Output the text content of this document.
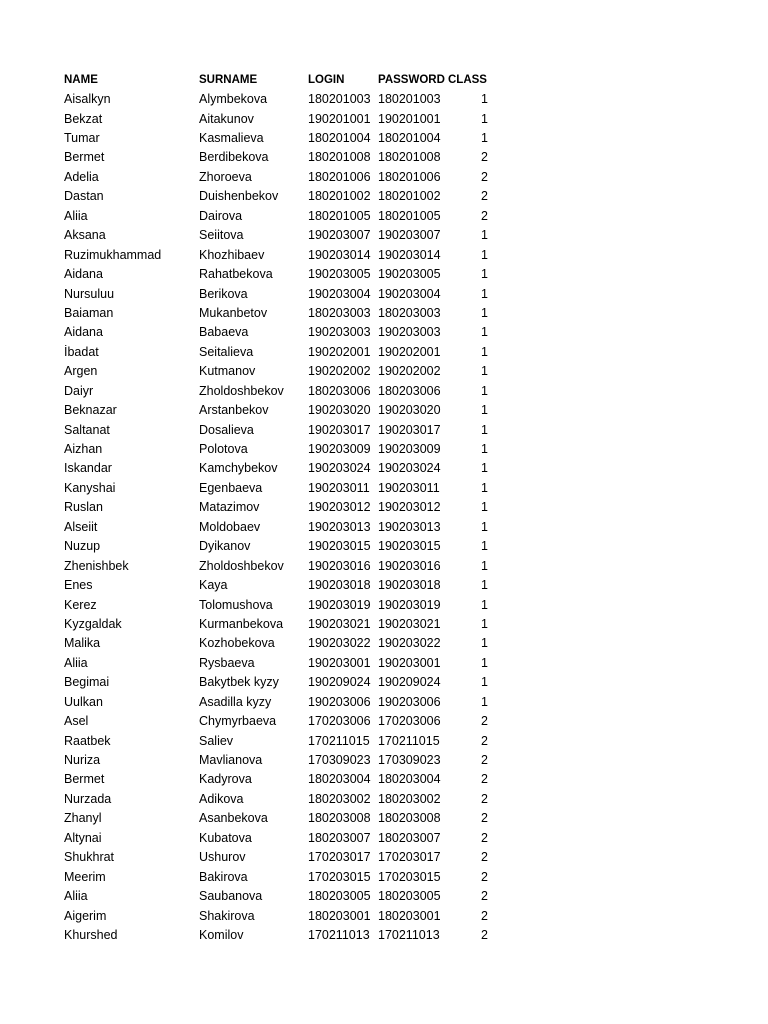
NAME	SURNAME	LOGIN	PASSWORD CLASS
Aisalkyn	Alymbekova	180201003 180201003	1
Bekzat	Aitakunov	190201001 190201001	1
Tumar	Kasmalieva	180201004 180201004	1
Bermet	Berdibekova	180201008 180201008	2
Adelia	Zhoroeva	180201006 180201006	2
Dastan	Duishenbekov	180201002 180201002	2
Aliia	Dairova	180201005 180201005	2
Aksana	Seiitova	190203007 190203007	1
Ruzimukhammad	Khozhibaev	190203014 190203014	1
Aidana	Rahatbekova	190203005 190203005	1
Nursuluu	Berikova	190203004 190203004	1
Baiaman	Mukanbetov	180203003 180203003	1
Aidana	Babaeva	190203003 190203003	1
İbadat	Seitalieva	190202001 190202001	1
Argen	Kutmanov	190202002 190202002	1
Daiyr	Zholdoshbekov	180203006 180203006	1
Beknazar	Arstanbekov	190203020 190203020	1
Saltanat	Dosalieva	190203017 190203017	1
Aizhan	Polotova	190203009 190203009	1
Iskandar	Kamchybekov	190203024 190203024	1
Kanyshai	Egenbaeva	190203011 190203011	1
Ruslan	Matazimov	190203012 190203012	1
Alseiit	Moldobaev	190203013 190203013	1
Nuzup	Dyikanov	190203015 190203015	1
Zhenishbek	Zholdoshbekov	190203016 190203016	1
Enes	Kaya	190203018 190203018	1
Kerez	Tolomushova	190203019 190203019	1
Kyzgaldak	Kurmanbekova	190203021 190203021	1
Malika	Kozhobekova	190203022 190203022	1
Aliia	Rysbaeva	190203001 190203001	1
Begimai	Bakytbek kyzy	190209024 190209024	1
Uulkan	Asadilla kyzy	190203006 190203006	1
Asel	Chymyrbaeva	170203006 170203006	2
Raatbek	Saliev	170211015 170211015	2
Nuriza	Mavlianova	170309023 170309023	2
Bermet	Kadyrova	180203004 180203004	2
Nurzada	Adikova	180203002 180203002	2
Zhanyl	Asanbekova	180203008 180203008	2
Altynai	Kubatova	180203007 180203007	2
Shukhrat	Ushurov	170203017 170203017	2
Meerim	Bakirova	170203015 170203015	2
Aliia	Saubanova	180203005 180203005	2
Aigerim	Shakirova	180203001 180203001	2
Khurshed	Komilov	170211013 170211013	2
